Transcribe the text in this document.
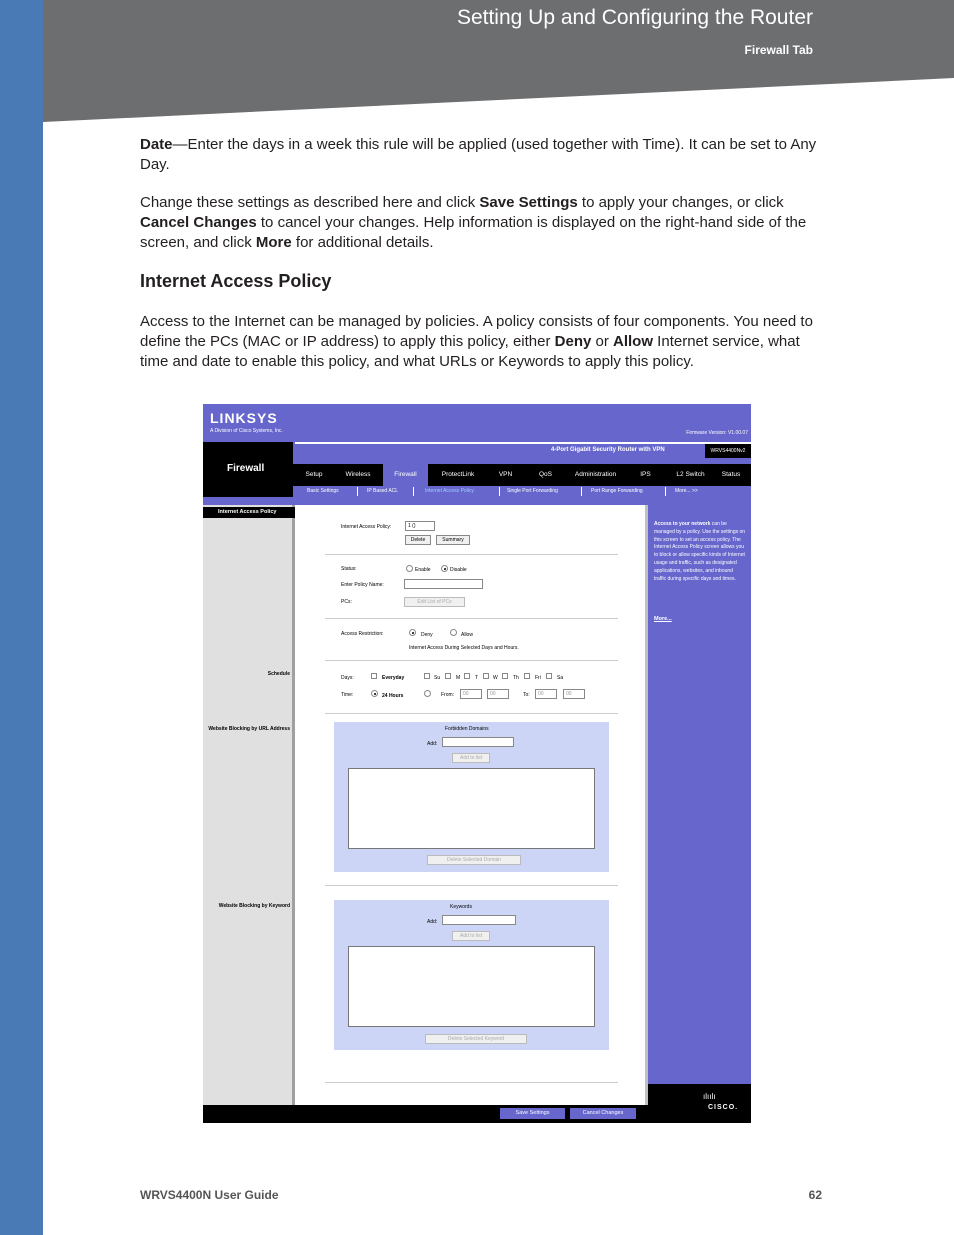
Setting Up and Configuring the Router
Firewall Tab
Date—Enter the days in a week this rule will be applied (used together with Time). It can be set to Any Day.
Change these settings as described here and click Save Settings to apply your changes, or click Cancel Changes to cancel your changes. Help information is displayed on the right-hand side of the screen, and click More for additional details.
Internet Access Policy
Access to the Internet can be managed by policies. A policy consists of four components. You need to define the PCs (MAC or IP address) to apply this policy, either Deny or Allow Internet service, what time and date to enable this policy, and what URLs or Keywords to apply this policy.
LINKSYS
A Division of Cisco Systems, Inc.	Firmware Version: V1.00.07
Firewall
4-Port Gigabit Security Router with VPN	WRVS4400Nv2
Setup	Wireless	Firewall	ProtectLink	VPN	QoS	Administration	IPS	L2 Switch	Status
Basic Settings	IP Based ACL	Internet Access Policy	Single Port Forwarding	Port Range Forwarding	More... >>
Internet Access Policy
Schedule
Website Blocking by URL Address
Website Blocking by Keyword
Internet Access Policy:	1 ()
Delete	Summary
Status:	Enable	Disable
Enter Policy Name:
PCs:	Edit List of PCs
Access Restriction:	Deny	Allow
Internet Access During Selected Days and Hours.
Days:	Everyday	Su	M	T	W	Th	Fri	Sa
Time:	24 Hours	From:	00	00	To:	00	00
Forbidden Domains
Add:
Add to list
Delete Selected Domain
Keywords
Add:
Add to list
Delete Selected Keyword
Access to your network can be managed by a policy. Use the settings on this screen to set an access policy. The Internet Access Policy screen allows you to block or allow specific kinds of Internet usage and traffic, such as designated applications, websites, and inbound traffic during specific days and times.
More...
Save Settings	Cancel Changes
ılıılı
CISCO.
WRVS4400N User Guide	62
